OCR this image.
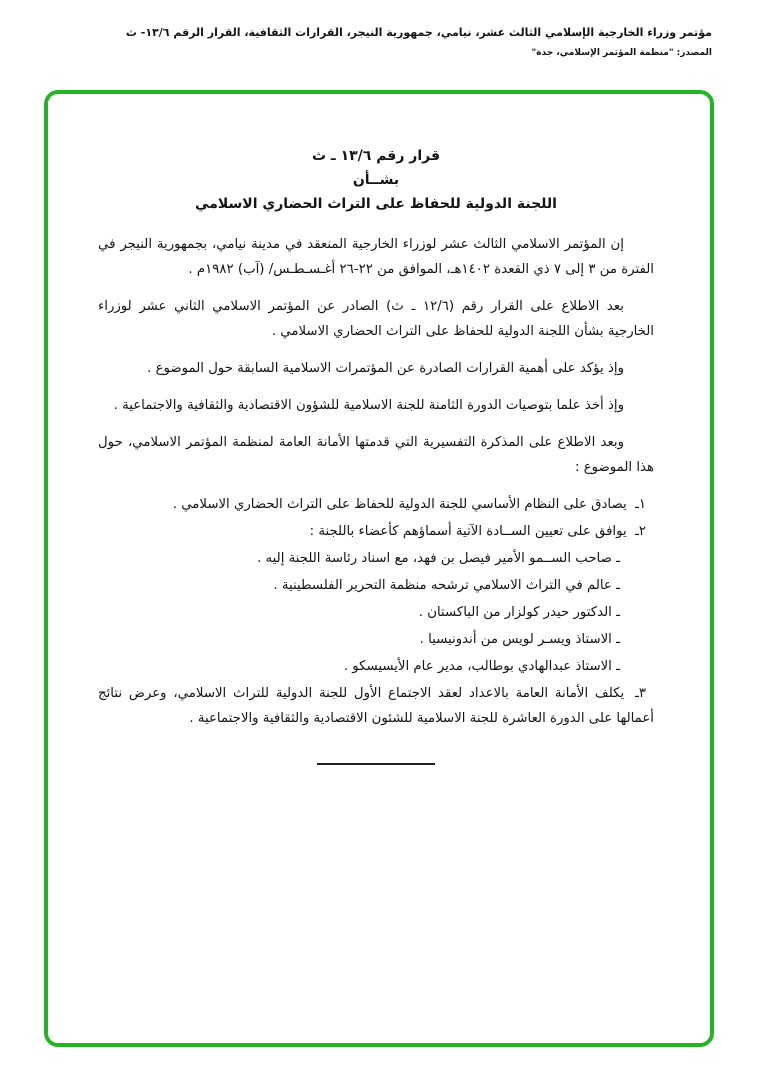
مؤتمر وزراء الخارجية الإسلامي الثالث عشر، نيامي، جمهورية النيجر، القرارات الثقافية، القرار الرقم ١٣/٦- ث
المصدر: "منظمة المؤتمر الإسلامي، جدة"
قرار رقم ١٣/٦ ـ ث
بشــأن
اللجنة الدولية للحفاظ على التراث الحضاري الاسلامي

إن المؤتمر الاسلامي الثالث عشر لوزراء الخارجية المنعقد في مدينة نيامي، بجمهورية النيجر في الفترة من ٣ إلى ٧ ذي القعدة ١٤٠٢هـ، الموافق من ٢٢-٢٦ أغـسـطـس/ (آب) ١٩٨٢م .

بعد الاطلاع على القرار رقم (١٢/٦ ـ ث) الصادر عن المؤتمر الاسلامي الثاني عشر لوزراء الخارجية بشأن اللجنة الدولية للحفاظ على التراث الحضاري الاسلامي .

وإذ يؤكد على أهمية القرارات الصادرة عن المؤتمرات الاسلامية السابقة حول الموضوع .

وإذ أخذ علما بتوصيات الدورة الثامنة للجنة الاسلامية للشؤون الاقتصادية والثقافية والاجتماعية .

وبعد الاطلاع على المذكرة التفسيرية التي قدمتها الأمانة العامة لمنظمة المؤتمر الاسلامي، حول هذا الموضوع :

١ـ يصادق على النظام الأساسي للجنة الدولية للحفاظ على التراث الحضاري الاسلامي .

٢ـ يوافق على تعيين الســادة الآتية أسماؤهم كأعضاء باللجنة :

ـ صاحب الســمو الأمير فيصل بن فهد، مع اسناد رئاسة اللجنة إليه .

ـ عالم في التراث الاسلامي ترشحه منظمة التحرير الفلسطينية .

ـ الدكتور حيدر كولزار من الباكستان .

ـ الاستاذ ويسـر لويس من أندونيسيا .

ـ الاستاذ عبدالهادي بوطالب، مدير عام الأيسيسكو .

٣ـ يكلف الأمانة العامة بالاعداد لعقد الاجتماع الأول للجنة الدولية للتراث الاسلامي، وعرض نتائج أعمالها على الدورة العاشرة للجنة الاسلامية للشئون الاقتصادية والثقافية والاجتماعية .
